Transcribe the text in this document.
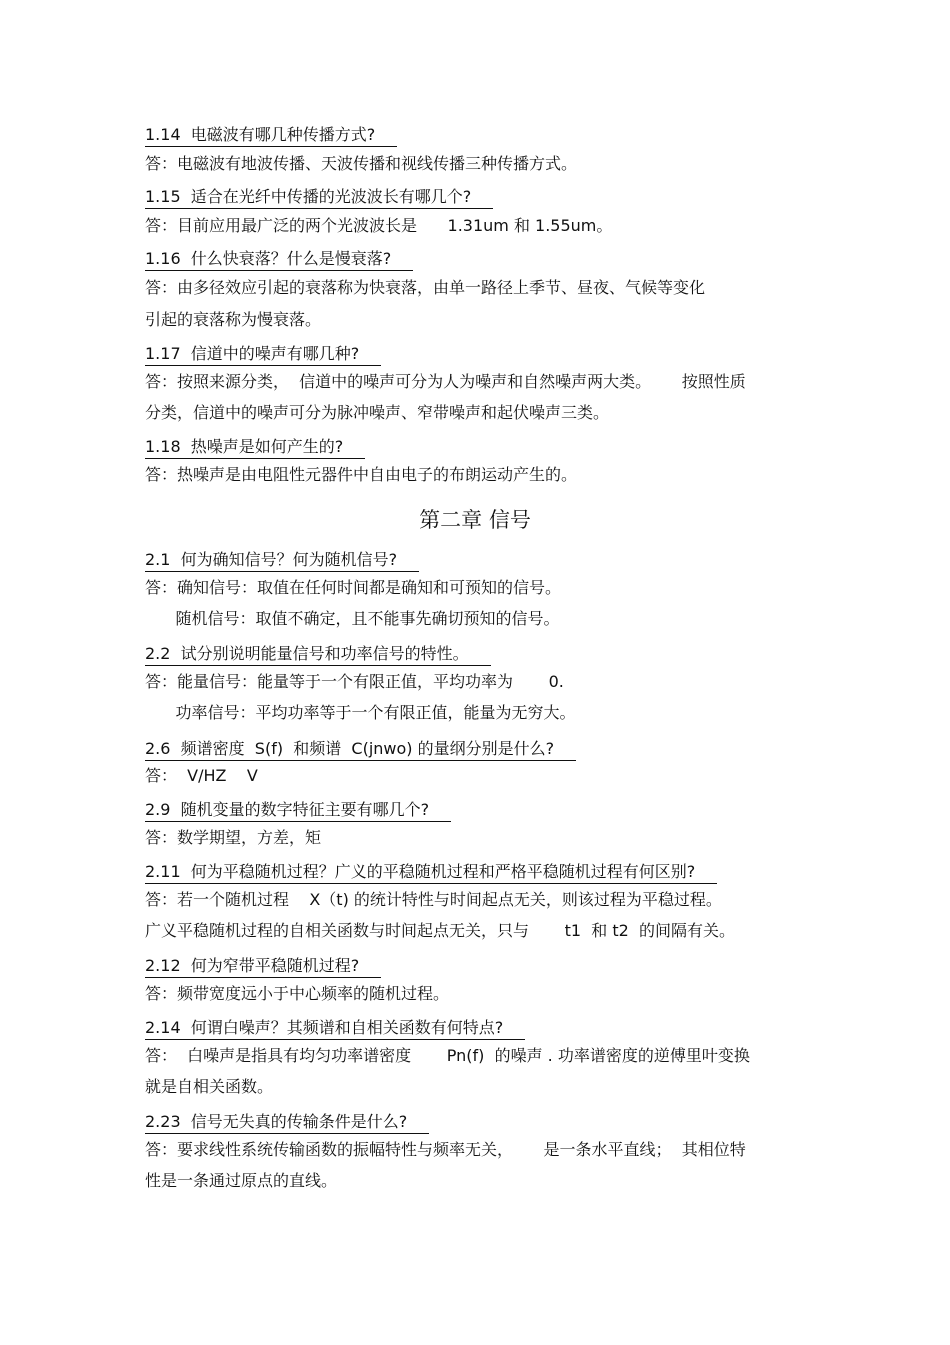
1.14  电磁波有哪几种传播方式?
答：电磁波有地波传播、天波传播和视线传播三种传播方式。
1.15  适合在光纤中传播的光波波长有哪几个?
答：目前应用最广泛的两个光波波长是      1.31um 和 1.55um。
1.16  什么快衰落？什么是慢衰落?
答：由多径效应引起的衰落称为快衰落，由单一路径上季节、昼夜、气候等变化
引起的衰落称为慢衰落。
1.17  信道中的噪声有哪几种?
答：按照来源分类，  信道中的噪声可分为人为噪声和自然噪声两大类。      按照性质
分类，信道中的噪声可分为脉冲噪声、窄带噪声和起伏噪声三类。
1.18  热噪声是如何产生的?
答：热噪声是由电阻性元器件中自由电子的布朗运动产生的。
第二章 信号
2.1  何为确知信号？何为随机信号?
答：确知信号：取值在任何时间都是确知和可预知的信号。
随机信号：取值不确定，且不能事先确切预知的信号。
2.2  试分别说明能量信号和功率信号的特性。
答：能量信号：能量等于一个有限正值，平均功率为       0.
功率信号：平均功率等于一个有限正值，能量为无穷大。
2.6  频谱密度  S(f)  和频谱  C(jnwo) 的量纲分别是什么?
答：  V/HZ    V
2.9  随机变量的数字特征主要有哪几个?
答：数学期望，方差，矩
2.11  何为平稳随机过程？广义的平稳随机过程和严格平稳随机过程有何区别?
答：若一个随机过程    X（t) 的统计特性与时间起点无关，则该过程为平稳过程。
广义平稳随机过程的自相关函数与时间起点无关，只与       t1  和 t2  的间隔有关。
2.12  何为窄带平稳随机过程?
答：频带宽度远小于中心频率的随机过程。
2.14  何谓白噪声？其频谱和自相关函数有何特点?
答：  白噪声是指具有均匀功率谱密度       Pn(f)  的噪声 . 功率谱密度的逆傅里叶变换
就是自相关函数。
2.23  信号无失真的传输条件是什么?
答：要求线性系统传输函数的振幅特性与频率无关，      是一条水平直线；  其相位特
性是一条通过原点的直线。
